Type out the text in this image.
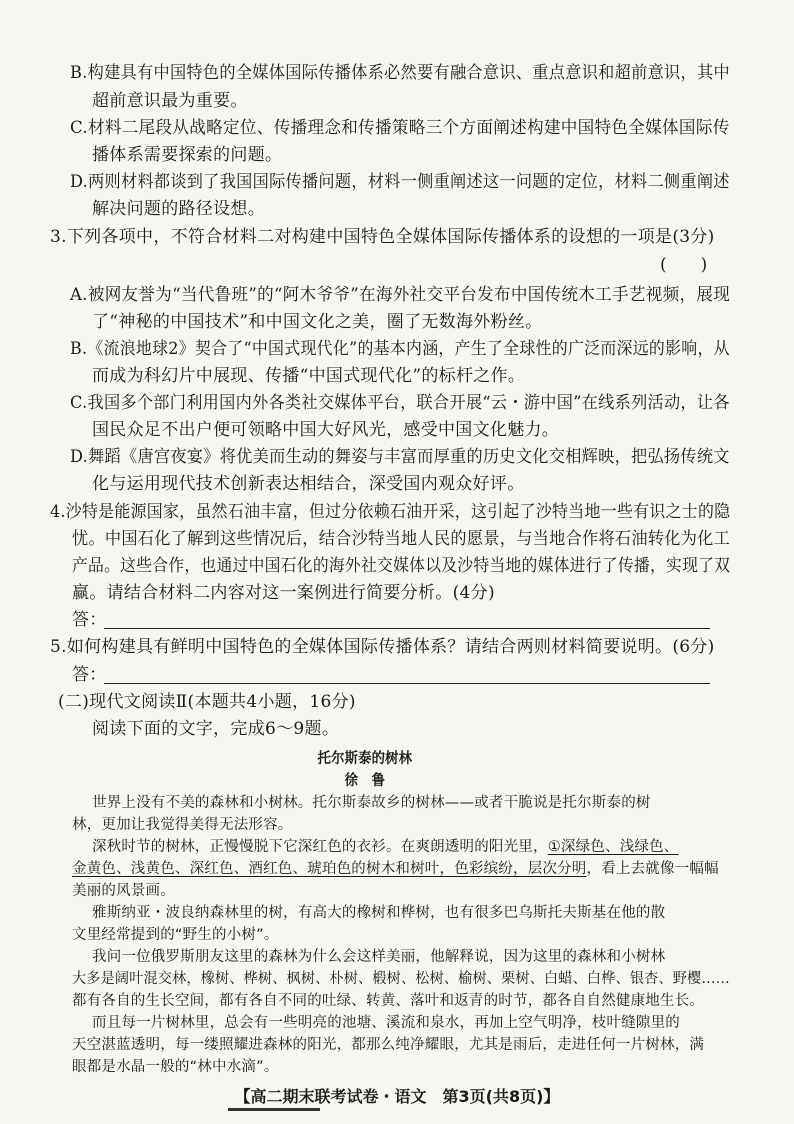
B.构建具有中国特色的全媒体国际传播体系必然要有融合意识、重点意识和超前意识，其中
超前意识最为重要。
C.材料二尾段从战略定位、传播理念和传播策略三个方面阐述构建中国特色全媒体国际传
播体系需要探索的问题。
D.两则材料都谈到了我国国际传播问题，材料一侧重阐述这一问题的定位，材料二侧重阐述
解决问题的路径设想。
3.下列各项中，不符合材料二对构建中国特色全媒体国际传播体系的设想的一项是(3分)
(　　)
A.被网友誉为“当代鲁班”的“阿木爷爷”在海外社交平台发布中国传统木工手艺视频，展现
了“神秘的中国技术”和中国文化之美，圈了无数海外粉丝。
B.《流浪地球2》契合了“中国式现代化”的基本内涵，产生了全球性的广泛而深远的影响，从
而成为科幻片中展现、传播“中国式现代化”的标杆之作。
C.我国多个部门利用国内外各类社交媒体平台，联合开展“云・游中国”在线系列活动，让各
国民众足不出户便可领略中国大好风光，感受中国文化魅力。
D.舞蹈《唐宫夜宴》将优美而生动的舞姿与丰富而厚重的历史文化交相辉映，把弘扬传统文
化与运用现代技术创新表达相结合，深受国内观众好评。
4.沙特是能源国家，虽然石油丰富，但过分依赖石油开采，这引起了沙特当地一些有识之士的隐
忧。中国石化了解到这些情况后，结合沙特当地人民的愿景，与当地合作将石油转化为化工
产品。这些合作，也通过中国石化的海外社交媒体以及沙特当地的媒体进行了传播，实现了双
赢。请结合材料二内容对这一案例进行简要分析。(4分)
答：
5.如何构建具有鲜明中国特色的全媒体国际传播体系？请结合两则材料简要说明。(6分)
答：
(二)现代文阅读Ⅱ(本题共4小题，16分)
阅读下面的文字，完成6～9题。
托尔斯泰的树林
徐　鲁
世界上没有不美的森林和小树林。托尔斯泰故乡的树林——或者干脆说是托尔斯泰的树
林，更加让我觉得美得无法形容。
深秋时节的树林，正慢慢脱下它深红色的衣衫。在爽朗透明的阳光里，①深绿色、浅绿色、
金黄色、浅黄色、深红色、酒红色、琥珀色的树木和树叶，色彩缤纷，层次分明，看上去就像一幅幅
美丽的风景画。
雅斯纳亚・波良纳森林里的树，有高大的橡树和桦树，也有很多巴乌斯托夫斯基在他的散
文里经常提到的“野生的小树”。
我问一位俄罗斯朋友这里的森林为什么会这样美丽，他解释说，因为这里的森林和小树林
【高二期末联考试卷・语文　第3页(共8页)】
大多是阔叶混交林，橡树、桦树、枫树、朴树、椴树、松树、榆树、栗树、白蜡、白桦、银杏、野樱……
都有各自的生长空间，都有各自不同的吐绿、转黄、落叶和返青的时节，都各自自然健康地生长。
而且每一片树林里，总会有一些明亮的池塘、溪流和泉水，再加上空气明净，枝叶缝隙里的
天空湛蓝透明，每一缕照耀进森林的阳光，都那么纯净耀眼，尤其是雨后，走进任何一片树林，满
眼都是水晶一般的“林中水滴”。
